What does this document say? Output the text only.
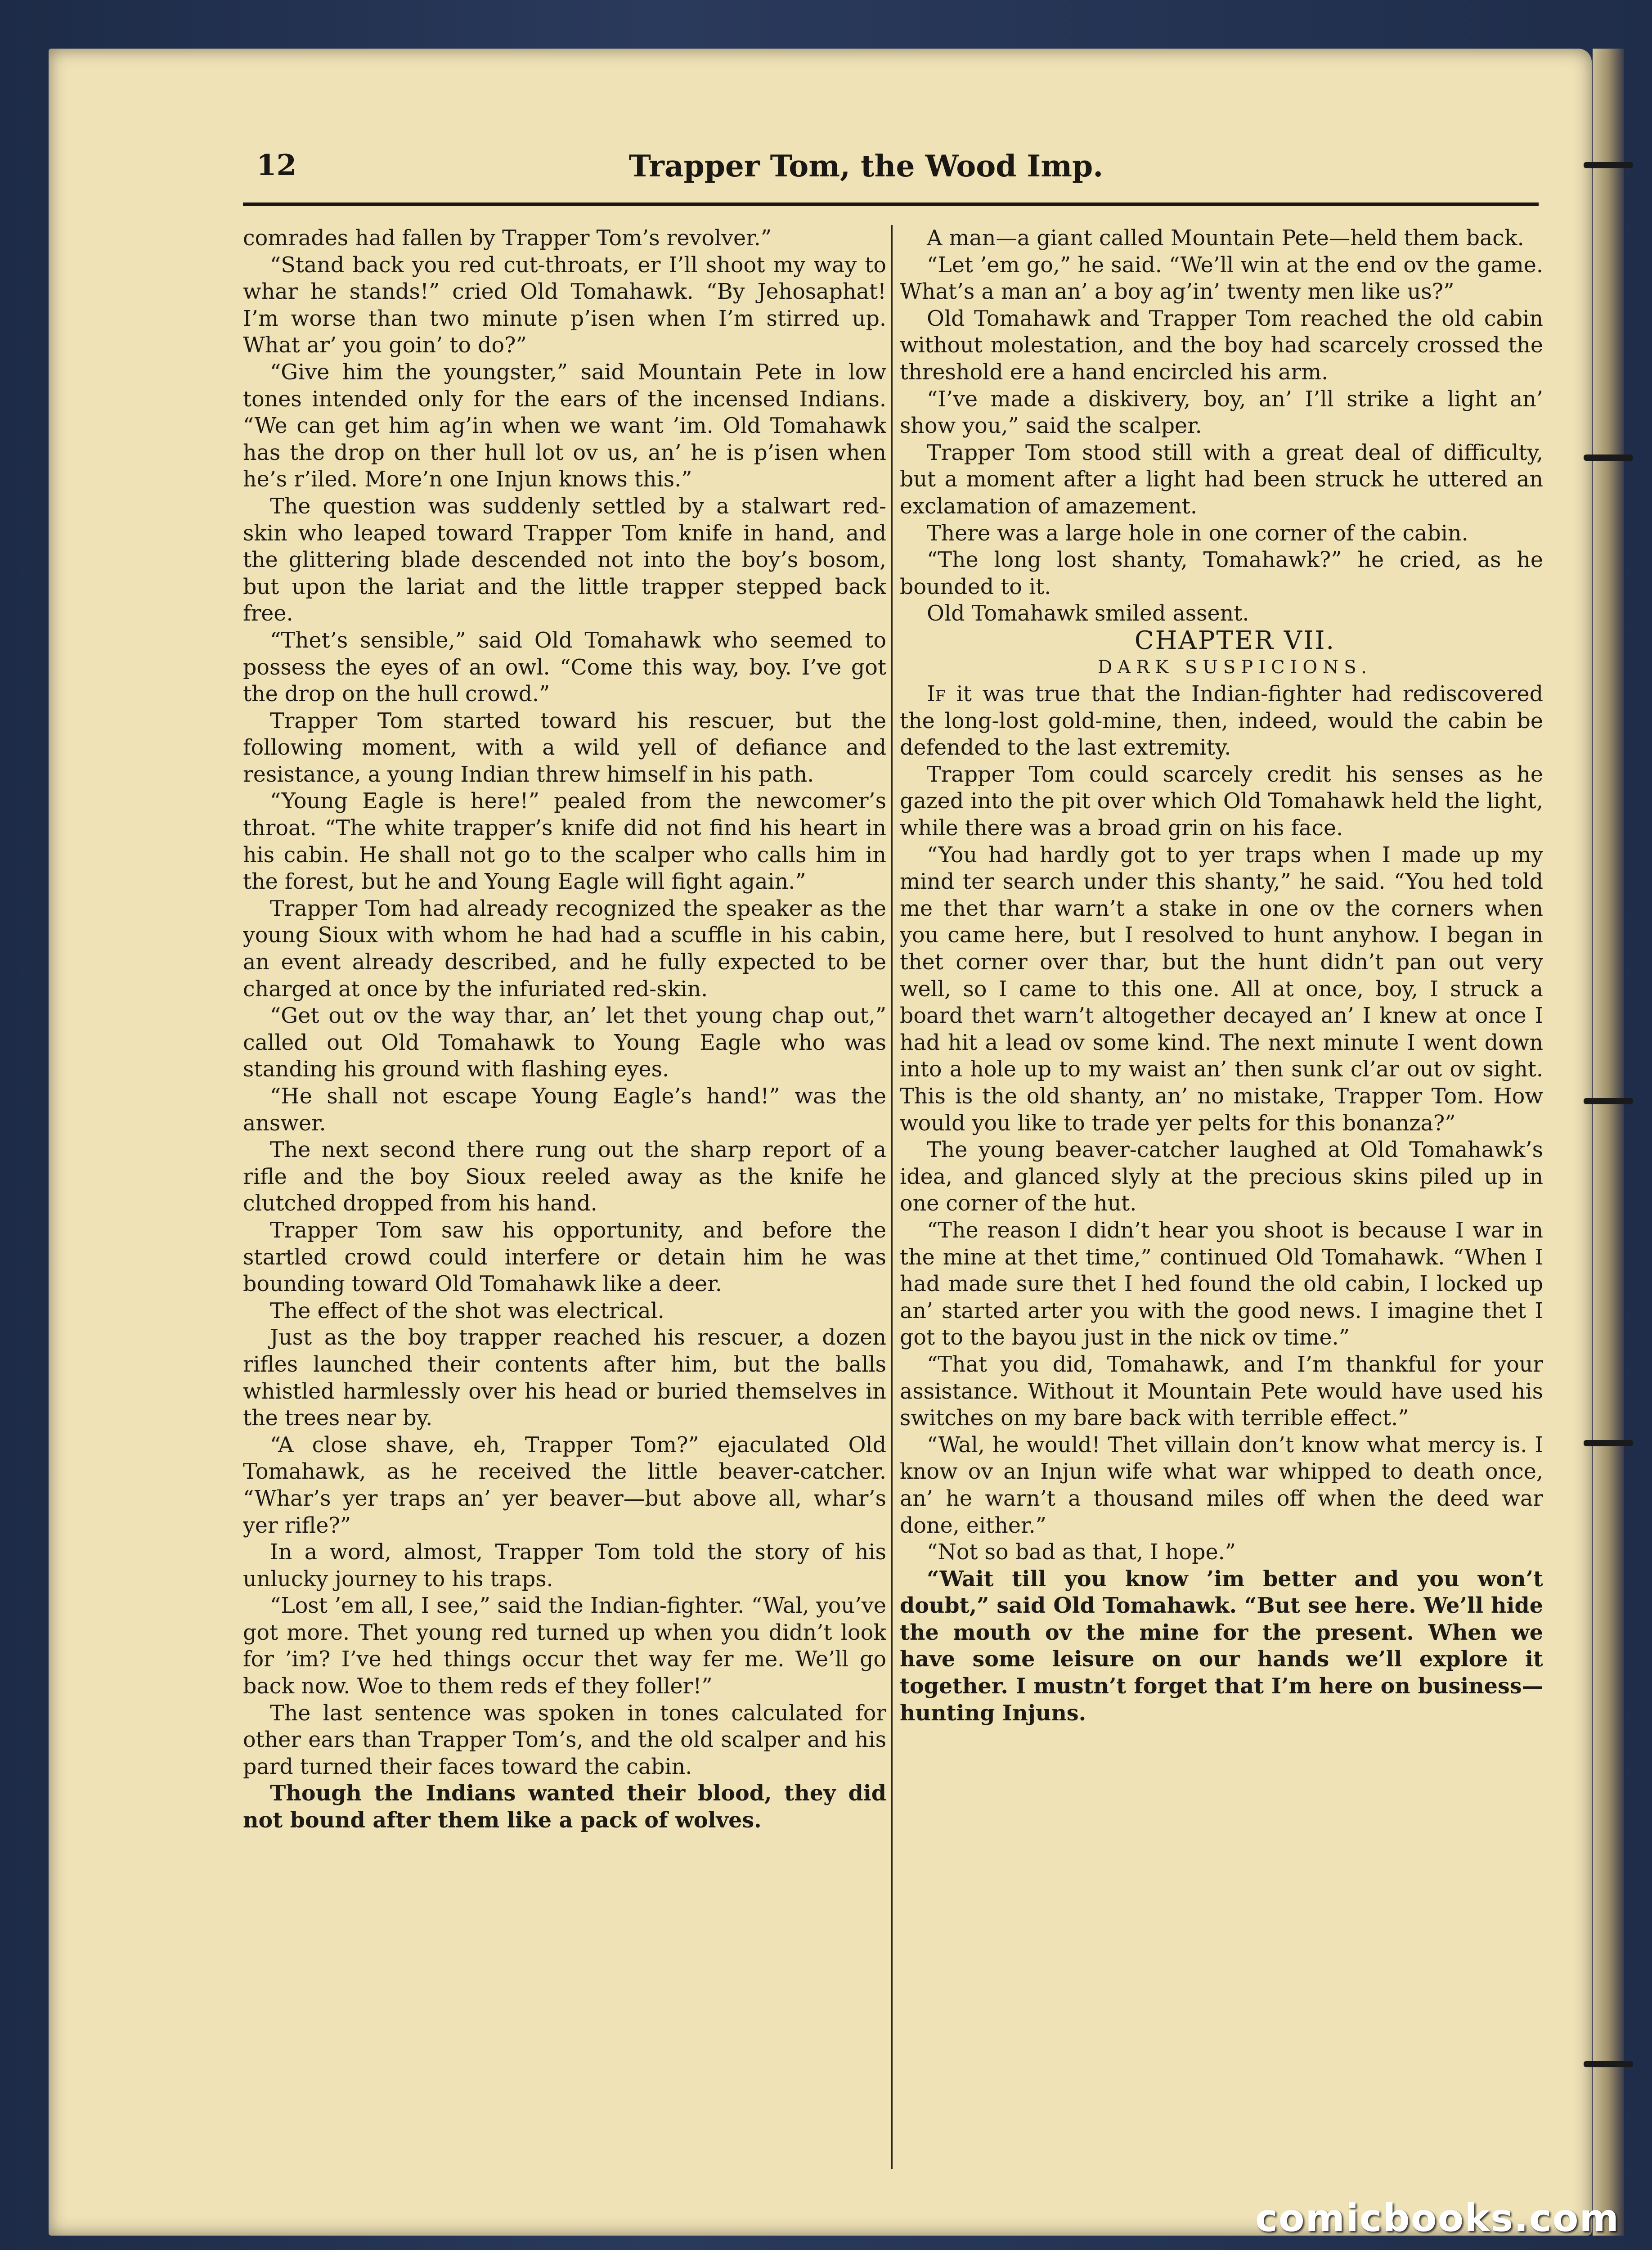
12	Trapper Tom, the Wood Imp.

comrades had fallen by Trapper Tom’s revolver.”

“Stand back you red cut-throats, er I’ll shoot my way to whar he stands!” cried Old Tomahawk. “By Jehosaphat! I’m worse than two minute p’isen when I’m stirred up. What ar’ you goin’ to do?”

“Give him the youngster,” said Mountain Pete in low tones intended only for the ears of the incensed Indians. “We can get him ag’in when we want ’im. Old Tomahawk has the drop on ther hull lot ov us, an’ he is p’isen when he’s r’iled. More’n one Injun knows this.”

The question was suddenly settled by a stalwart red-skin who leaped toward Trapper Tom knife in hand, and the glittering blade descended not into the boy’s bosom, but upon the lariat and the little trapper stepped back free.

“Thet’s sensible,” said Old Tomahawk who seemed to possess the eyes of an owl. “Come this way, boy. I’ve got the drop on the hull crowd.”

Trapper Tom started toward his rescuer, but the following moment, with a wild yell of defiance and resistance, a young Indian threw himself in his path.

“Young Eagle is here!” pealed from the newcomer’s throat. “The white trapper’s knife did not find his heart in his cabin. He shall not go to the scalper who calls him in the forest, but he and Young Eagle will fight again.”

Trapper Tom had already recognized the speaker as the young Sioux with whom he had had a scuffle in his cabin, an event already described, and he fully expected to be charged at once by the infuriated red-skin.

“Get out ov the way thar, an’ let thet young chap out,” called out Old Tomahawk to Young Eagle who was standing his ground with flashing eyes.

“He shall not escape Young Eagle’s hand!” was the answer.

The next second there rung out the sharp report of a rifle and the boy Sioux reeled away as the knife he clutched dropped from his hand.

Trapper Tom saw his opportunity, and before the startled crowd could interfere or detain him he was bounding toward Old Tomahawk like a deer.

The effect of the shot was electrical.

Just as the boy trapper reached his rescuer, a dozen rifles launched their contents after him, but the balls whistled harmlessly over his head or buried themselves in the trees near by.

“A close shave, eh, Trapper Tom?” ejaculated Old Tomahawk, as he received the little beaver-catcher. “Whar’s yer traps an’ yer beaver—but above all, whar’s yer rifle?”

In a word, almost, Trapper Tom told the story of his unlucky journey to his traps.

“Lost ’em all, I see,” said the Indian-fighter. “Wal, you’ve got more. Thet young red turned up when you didn’t look for ’im? I’ve hed things occur thet way fer me. We’ll go back now. Woe to them reds ef they foller!”

The last sentence was spoken in tones calculated for other ears than Trapper Tom’s, and the old scalper and his pard turned their faces toward the cabin.

Though the Indians wanted their blood, they did not bound after them like a pack of wolves.

A man—a giant called Mountain Pete—held them back.

“Let ’em go,” he said. “We’ll win at the end ov the game. What’s a man an’ a boy ag’in’ twenty men like us?”

Old Tomahawk and Trapper Tom reached the old cabin without molestation, and the boy had scarcely crossed the threshold ere a hand encircled his arm.

“I’ve made a diskivery, boy, an’ I’ll strike a light an’ show you,” said the scalper.

Trapper Tom stood still with a great deal of difficulty, but a moment after a light had been struck he uttered an exclamation of amazement.

There was a large hole in one corner of the cabin.

“The long lost shanty, Tomahawk?” he cried, as he bounded to it.

Old Tomahawk smiled assent.

CHAPTER VII.

DARK SUSPICIONS.

If it was true that the Indian-fighter had rediscovered the long-lost gold-mine, then, indeed, would the cabin be defended to the last extremity.

Trapper Tom could scarcely credit his senses as he gazed into the pit over which Old Tomahawk held the light, while there was a broad grin on his face.

“You had hardly got to yer traps when I made up my mind ter search under this shanty,” he said. “You hed told me thet thar warn’t a stake in one ov the corners when you came here, but I resolved to hunt anyhow. I began in thet corner over thar, but the hunt didn’t pan out very well, so I came to this one. All at once, boy, I struck a board thet warn’t altogether decayed an’ I knew at once I had hit a lead ov some kind. The next minute I went down into a hole up to my waist an’ then sunk cl’ar out ov sight. This is the old shanty, an’ no mistake, Trapper Tom. How would you like to trade yer pelts for this bonanza?”

The young beaver-catcher laughed at Old Tomahawk’s idea, and glanced slyly at the precious skins piled up in one corner of the hut.

“The reason I didn’t hear you shoot is because I war in the mine at thet time,” continued Old Tomahawk. “When I had made sure thet I hed found the old cabin, I locked up an’ started arter you with the good news. I imagine thet I got to the bayou just in the nick ov time.”

“That you did, Tomahawk, and I’m thankful for your assistance. Without it Mountain Pete would have used his switches on my bare back with terrible effect.”

“Wal, he would! Thet villain don’t know what mercy is. I know ov an Injun wife what war whipped to death once, an’ he warn’t a thousand miles off when the deed war done, either.”

“Not so bad as that, I hope.”

“Wait till you know ’im better and you won’t doubt,” said Old Tomahawk. “But see here. We’ll hide the mouth ov the mine for the present. When we have some leisure on our hands we’ll explore it together. I mustn’t forget that I’m here on business—hunting Injuns.

comicbooks.com
